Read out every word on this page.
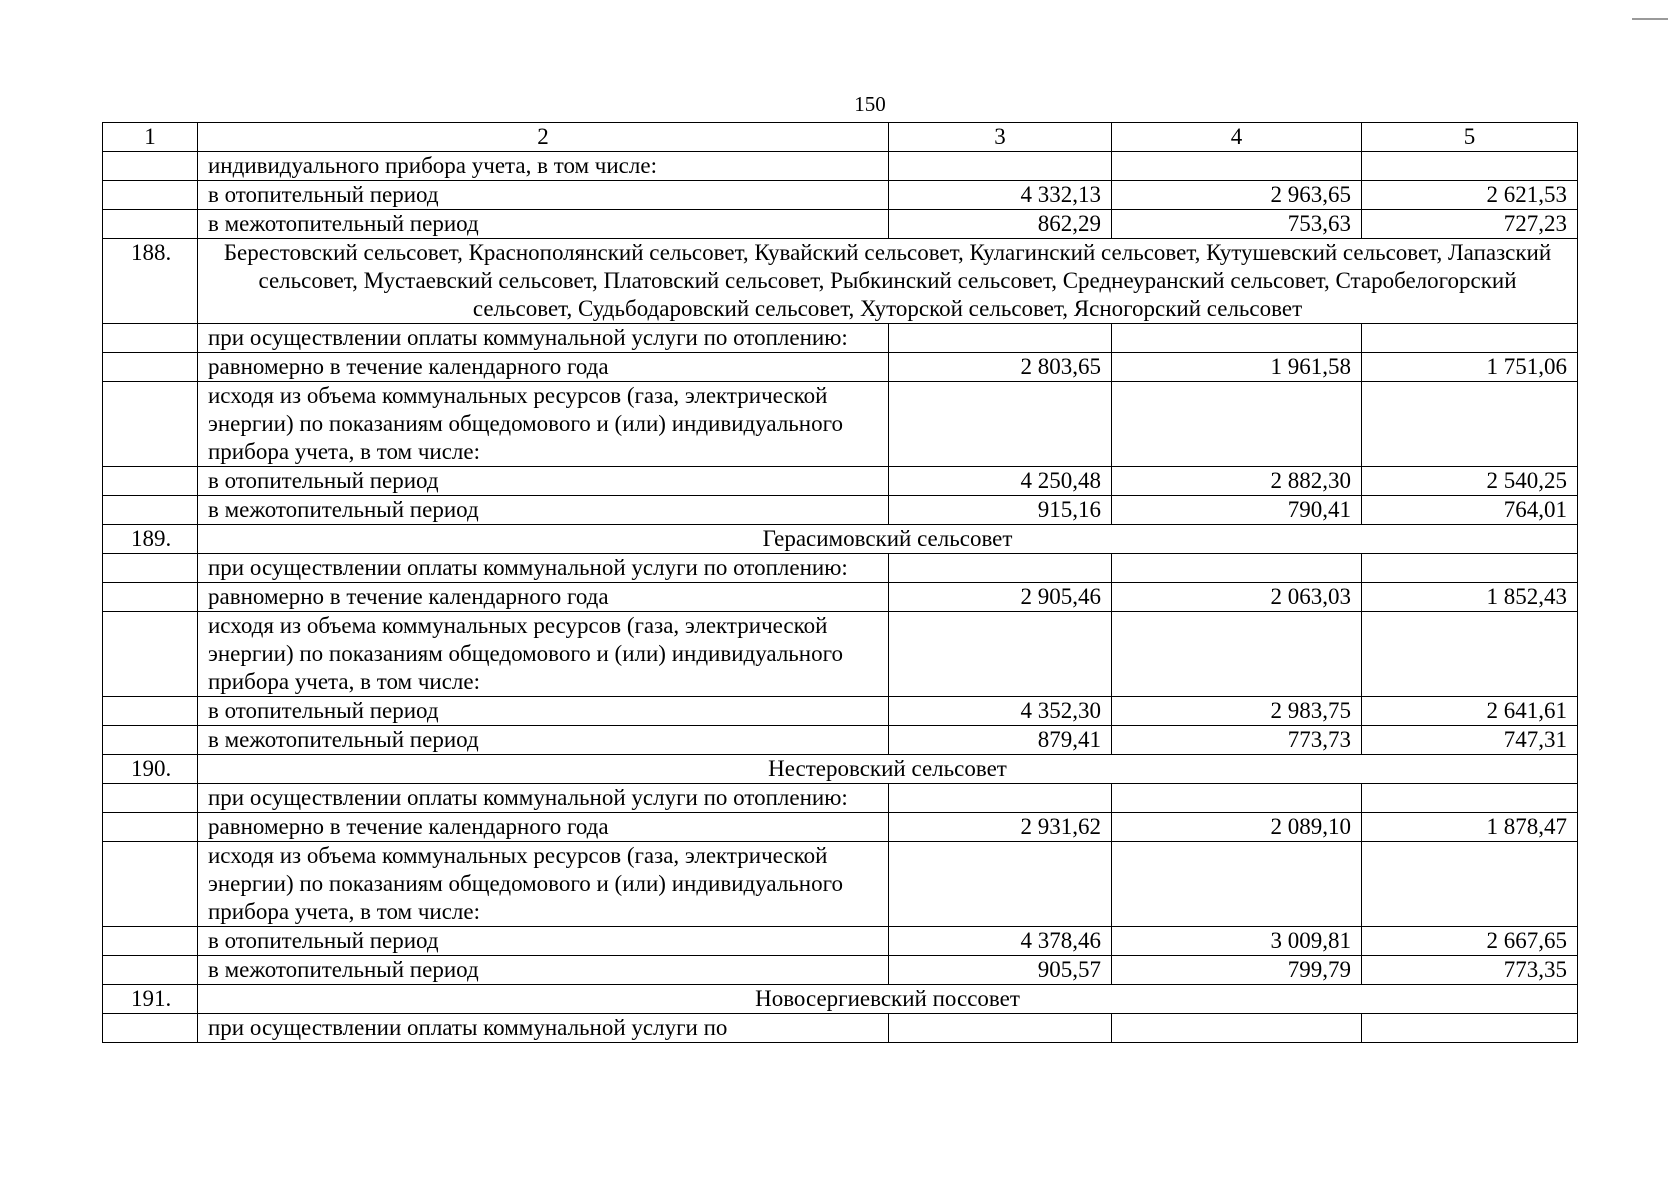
150
1	2	3	4	5
	индивидуального прибора учета, в том числе:			
	в отопительный период	4 332,13	2 963,65	2 621,53
	в межотопительный период	862,29	753,63	727,23
188.	Берестовский сельсовет, Краснополянский сельсовет, Кувайский сельсовет, Кулагинский сельсовет, Кутушевский сельсовет, Лапазский сельсовет, Мустаевский сельсовет, Платовский сельсовет, Рыбкинский сельсовет, Среднеуранский сельсовет, Старобелогорский сельсовет, Судьбодаровский сельсовет, Хуторской сельсовет, Ясногорский сельсовет			
	при осуществлении оплаты коммунальной услуги по отоплению:			
	равномерно в течение календарного года	2 803,65	1 961,58	1 751,06
	исходя из объема коммунальных ресурсов (газа, электрической энергии) по показаниям общедомового и (или) индивидуального прибора учета, в том числе:			
	в отопительный период	4 250,48	2 882,30	2 540,25
	в межотопительный период	915,16	790,41	764,01
189.	Герасимовский сельсовет			
	при осуществлении оплаты коммунальной услуги по отоплению:			
	равномерно в течение календарного года	2 905,46	2 063,03	1 852,43
	исходя из объема коммунальных ресурсов (газа, электрической энергии) по показаниям общедомового и (или) индивидуального прибора учета, в том числе:			
	в отопительный период	4 352,30	2 983,75	2 641,61
	в межотопительный период	879,41	773,73	747,31
190.	Нестеровский сельсовет			
	при осуществлении оплаты коммунальной услуги по отоплению:			
	равномерно в течение календарного года	2 931,62	2 089,10	1 878,47
	исходя из объема коммунальных ресурсов (газа, электрической энергии) по показаниям общедомового и (или) индивидуального прибора учета, в том числе:			
	в отопительный период	4 378,46	3 009,81	2 667,65
	в межотопительный период	905,57	799,79	773,35
191.	Новосергиевский поссовет			
	при осуществлении оплаты коммунальной услуги по			
